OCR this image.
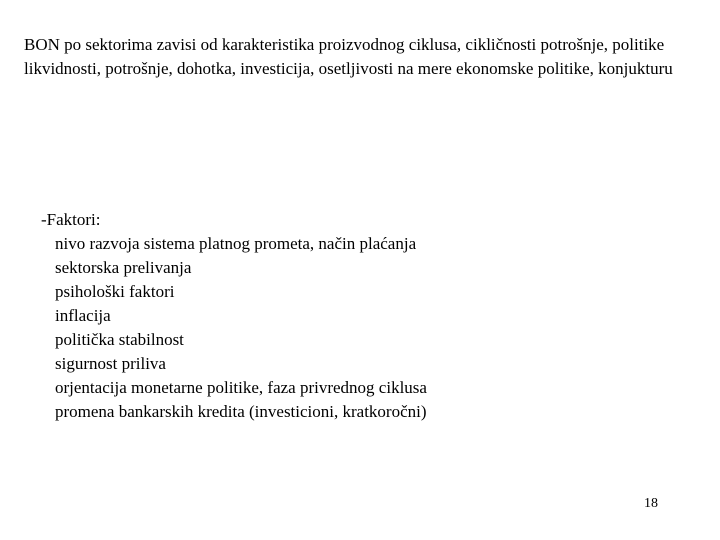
BON po sektorima zavisi od karakteristika proizvodnog ciklusa, cikličnosti potrošnje, politike likvidnosti, potrošnje, dohotka, investicija, osetljivosti na mere ekonomske politike, konjukturu

-Faktori:

nivo razvoja sistema platnog prometa, način plaćanja
sektorska prelivanja
psihološki faktori
inflacija
politička stabilnost
sigurnost priliva
orjentacija monetarne politike, faza privrednog ciklusa
promena bankarskih kredita (investicioni, kratkoročni)
18
